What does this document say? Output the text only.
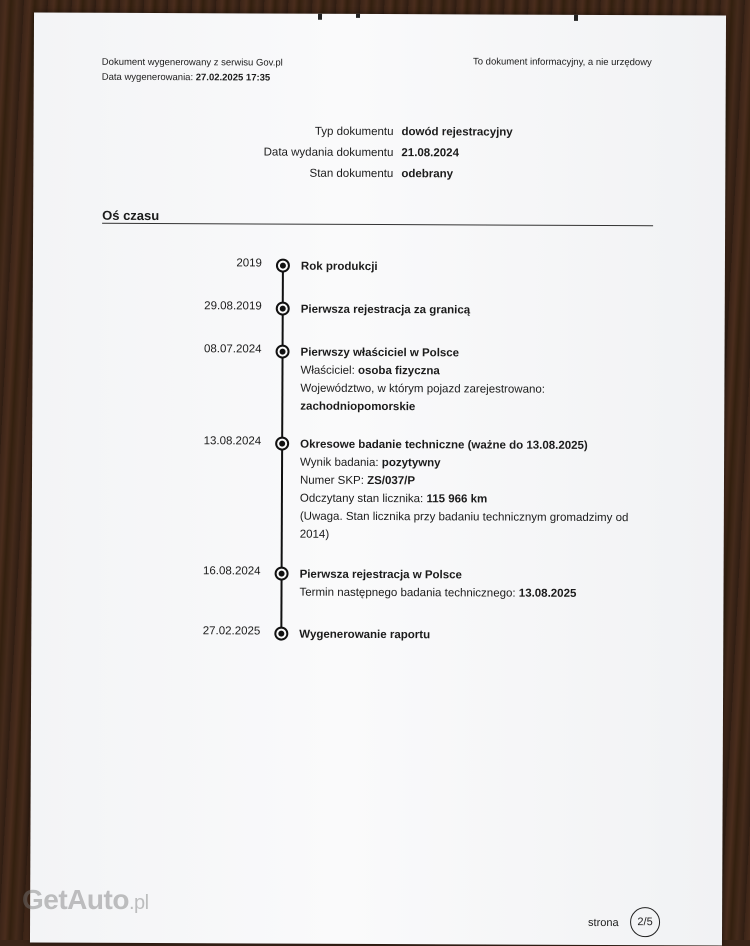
Dokument wygenerowany z serwisu Gov.pl
Data wygenerowania: 27.02.2025 17:35
To dokument informacyjny, a nie urzędowy
Typ dokumentu dowód rejestracyjny
Data wydania dokumentu 21.08.2024
Stan dokumentu odebrany
Oś czasu
2019	Rok produkcji
29.08.2019	Pierwsza rejestracja za granicą
08.07.2024	Pierwszy właściciel w Polsce
Właściciel: osoba fizyczna
Województwo, w którym pojazd zarejestrowano:
zachodniopomorskie
13.08.2024	Okresowe badanie techniczne (ważne do 13.08.2025)
Wynik badania: pozytywny
Numer SKP: ZS/037/P
Odczytany stan licznika: 115 966 km
(Uwaga. Stan licznika przy badaniu technicznym gromadzimy od 2014)
16.08.2024	Pierwsza rejestracja w Polsce
Termin następnego badania technicznego: 13.08.2025
27.02.2025	Wygenerowanie raportu
strona	2/5
GetAuto.pl
